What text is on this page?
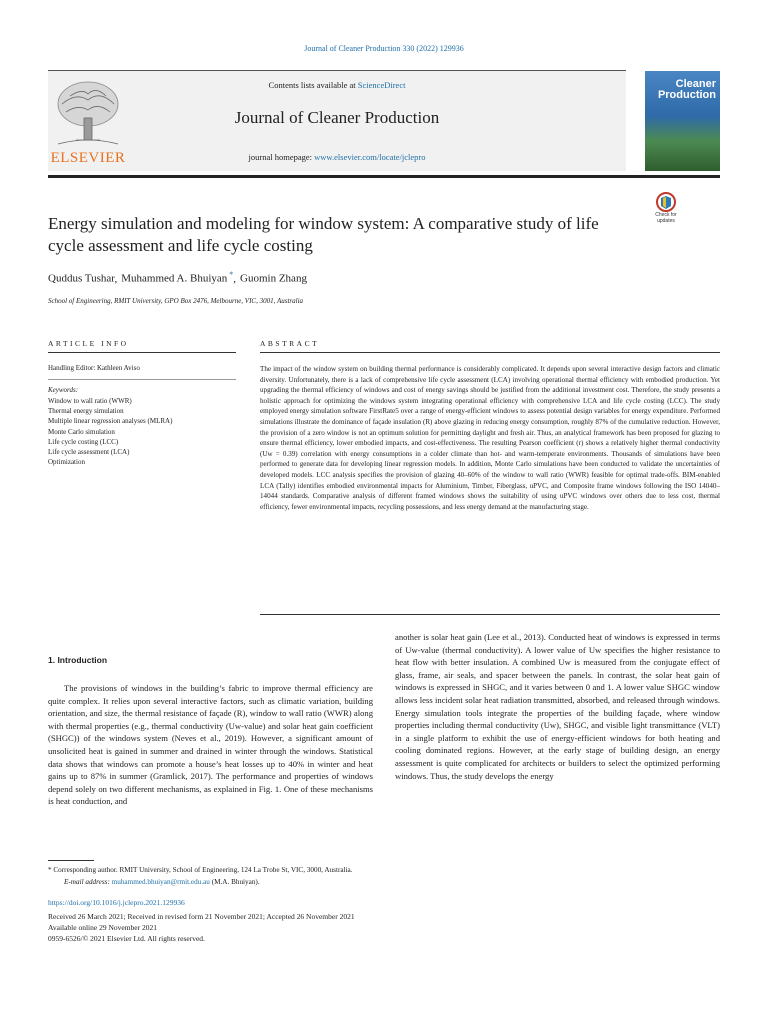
Journal of Cleaner Production 330 (2022) 129936
ELSEVIER
Contents lists available at ScienceDirect
Journal of Cleaner Production
journal homepage: www.elsevier.com/locate/jclepro
Cleaner Production
Check for updates
Energy simulation and modeling for window system: A comparative study of life cycle assessment and life cycle costing
Quddus Tushar, Muhammed A. Bhuiyan *, Guomin Zhang
School of Engineering, RMIT University, GPO Box 2476, Melbourne, VIC, 3001, Australia
ARTICLE INFO
Handling Editor: Kathleen Aviso
Keywords:
Window to wall ratio (WWR)
Thermal energy simulation
Multiple linear regression analyses (MLRA)
Monte Carlo simulation
Life cycle costing (LCC)
Life cycle assessment (LCA)
Optimization
ABSTRACT

The impact of the window system on building thermal performance is considerably complicated. It depends upon several interactive design factors and climatic diversity. Unfortunately, there is a lack of comprehensive life cycle assessment (LCA) involving operational thermal efficiency with embodied production. Yet upgrading the thermal efficiency of windows and cost of energy savings should be justified from the additional investment cost. Therefore, the study presents a holistic approach for optimizing the windows system integrating operational efficiency with comprehensive LCA and life cycle costing (LCC). The study employed energy simulation software FirstRate5 over a range of energy-efficient windows to assess potential design variables for energy expenditure. Performed simulations illustrate the dominance of façade insulation (R) above glazing in reducing energy consumption, roughly 87% of the cumulative reduction. However, the provision of a zero window is not an optimum solution for permitting daylight and fresh air. Thus, an analytical framework has been proposed for glazing to ensure thermal efficiency, lower embodied impacts, and cost-effectiveness. The resulting Pearson coefficient (r) shows a relatively higher thermal conductivity (Uw = 0.39) correlation with energy consumptions in a colder climate than hot- and warm-temperate environments. Thousands of simulations have been performed to generate data for developing linear regression models. In addition, Monte Carlo simulations have been conducted to validate the uncertainties of developed models. LCC analysis specifies the provision of glazing 40–60% of the window to wall ratio (WWR) feasible for optimal trade-offs. BIM-enabled LCA (Tally) identifies embodied environmental impacts for Aluminium, Timber, Fiberglass, uPVC, and Composite frame windows following the ISO 14040–14044 standards. Comparative analysis of different framed windows shows the suitability of using uPVC windows over others due to less cost, thermal efficiency, fewer environmental impacts, recycling possessions, and less energy demand at the manufacturing stage.

1. Introduction

The provisions of windows in the building’s fabric to improve thermal efficiency are quite complex. It relies upon several interactive factors, such as climatic variation, building orientation, and size, the thermal resistance of façade (R), window to wall ratio (WWR) along with thermal properties (e.g., thermal conductivity (Uw-value) and solar heat gain coefficient (SHGC)) of the windows system (Neves et al., 2019). However, a significant amount of unsolicited heat is gained in summer and drained in winter through the windows. Statistical data shows that windows can promote a house’s heat losses up to 40% in winter and heat gains up to 87% in summer (Gramlick, 2017). The performance and properties of windows depend solely on two different mechanisms, as explained in Fig. 1. One of these mechanisms is heat conduction, and

another is solar heat gain (Lee et al., 2013). Conducted heat of windows is expressed in terms of Uw-value (thermal conductivity). A lower value of Uw specifies the higher resistance to heat flow with better insulation. A combined Uw is measured from the conjugate effect of glass, frame, air seals, and spacer between the panels. In contrast, the solar heat gain of windows is expressed in SHGC, and it varies between 0 and 1. A lower value SHGC window allows less incident solar heat radiation transmitted, absorbed, and released through windows. Energy simulation tools integrate the properties of the building façade, where window properties including thermal conductivity (Uw), SHGC, and visible light transmittance (VLT) in a single platform to exhibit the use of energy-efficient windows for both heating and cooling dominated regions. However, at the early stage of building design, an energy assessment is quite complicated for architects or builders to select the optimized performing windows. Thus, the study develops the energy

* Corresponding author. RMIT University, School of Engineering, 124 La Trobe St, VIC, 3000, Australia.
E-mail address: muhammed.bhuiyan@rmit.edu.au (M.A. Bhuiyan).
https://doi.org/10.1016/j.jclepro.2021.129936
Received 26 March 2021; Received in revised form 21 November 2021; Accepted 26 November 2021
Available online 29 November 2021
0959-6526/© 2021 Elsevier Ltd. All rights reserved.
